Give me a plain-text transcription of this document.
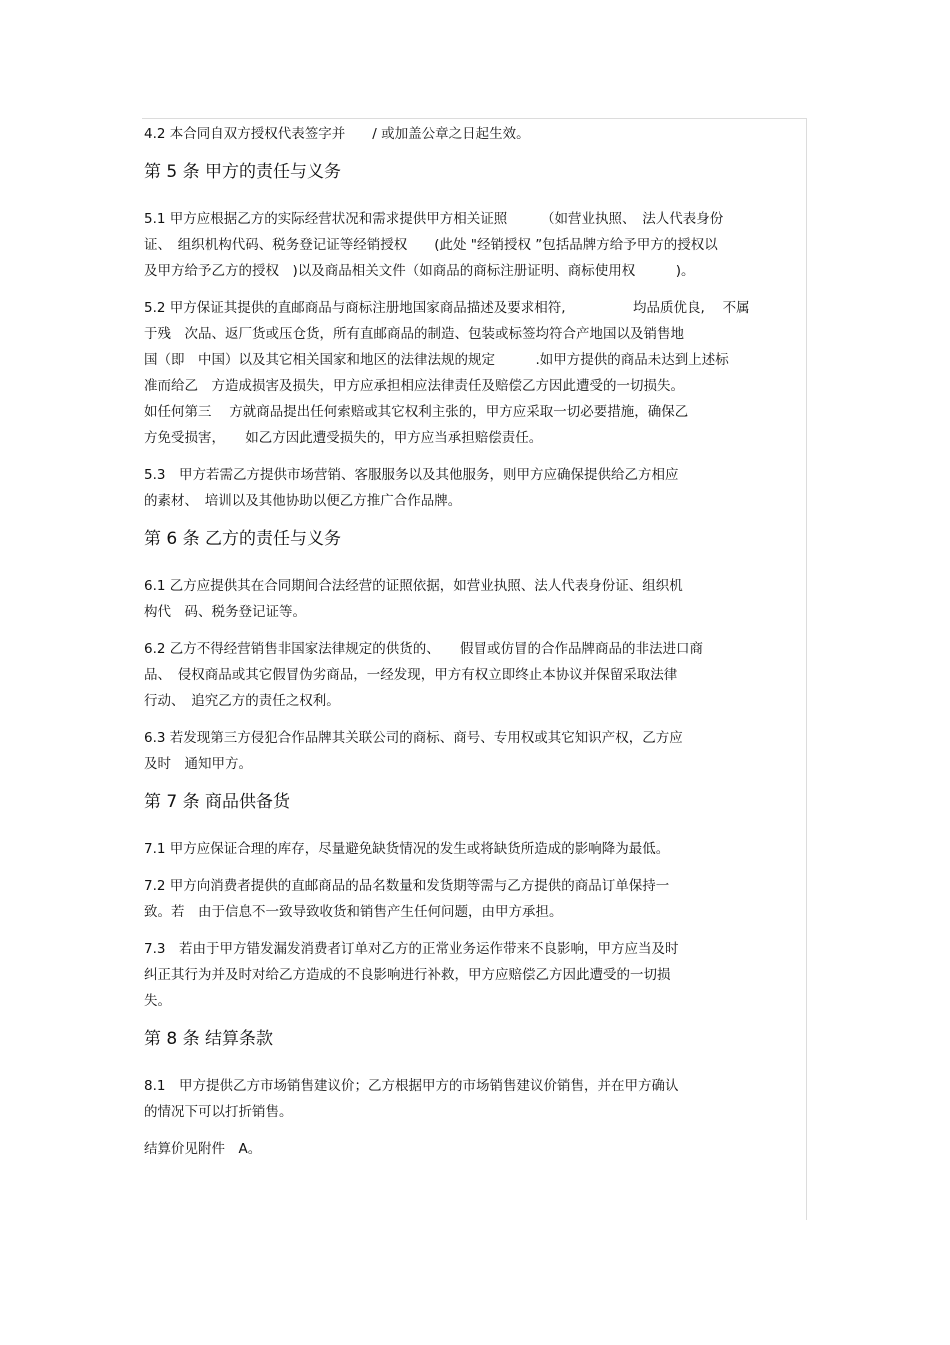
4.2 本合同自双方授权代表签字并　　/ 或加盖公章之日起生效。

第 5 条 甲方的责任与义务

5.1 甲方应根据乙方的实际经营状况和需求提供甲方相关证照　　　（如营业执照、　法人代表身份
证、　组织机构代码、税务登记证等经销授权　　(此处 "经销授权 ”包括品牌方给予甲方的授权以
及甲方给予乙方的授权　)以及商品相关文件（如商品的商标注册证明、商标使用权　　　)。

5.2 甲方保证其提供的直邮商品与商标注册地国家商品描述及要求相符,　　　　　均品质优良,　 不属
于残　次品、返厂货或压仓货，所有直邮商品的制造、包装或标签均符合产地国以及销售地
国（即　中国）以及其它相关国家和地区的法律法规的规定　　　.如甲方提供的商品未达到上述标
准而给乙　方造成损害及损失，甲方应承担相应法律责任及赔偿乙方因此遭受的一切损失。
如任何第三　 方就商品提出任何索赔或其它权利主张的，甲方应采取一切必要措施，确保乙
方免受损害，　　如乙方因此遭受损失的，甲方应当承担赔偿责任。

5.3　甲方若需乙方提供市场营销、客服服务以及其他服务，则甲方应确保提供给乙方相应
的素材、　培训以及其他协助以便乙方推广合作品牌。

第 6 条 乙方的责任与义务

6.1 乙方应提供其在合同期间合法经营的证照依据，如营业执照、法人代表身份证、组织机
构代　码、税务登记证等。

6.2 乙方不得经营销售非国家法律规定的供货的、　　假冒或仿冒的合作品牌商品的非法进口商
品、　侵权商品或其它假冒伪劣商品，一经发现，甲方有权立即终止本协议并保留采取法律
行动、　追究乙方的责任之权利。

6.3 若发现第三方侵犯合作品牌其关联公司的商标、商号、专用权或其它知识产权，乙方应
及时　通知甲方。

第 7 条 商品供备货

7.1 甲方应保证合理的库存，尽量避免缺货情况的发生或将缺货所造成的影响降为最低。

7.2 甲方向消费者提供的直邮商品的品名数量和发货期等需与乙方提供的商品订单保持一
致。若　由于信息不一致导致收货和销售产生任何问题，由甲方承担。

7.3　若由于甲方错发漏发消费者订单对乙方的正常业务运作带来不良影响，甲方应当及时
纠正其行为并及时对给乙方造成的不良影响进行补救，甲方应赔偿乙方因此遭受的一切损
失。

第 8 条 结算条款

8.1　甲方提供乙方市场销售建议价；乙方根据甲方的市场销售建议价销售，并在甲方确认
的情况下可以打折销售。

结算价见附件　A。
